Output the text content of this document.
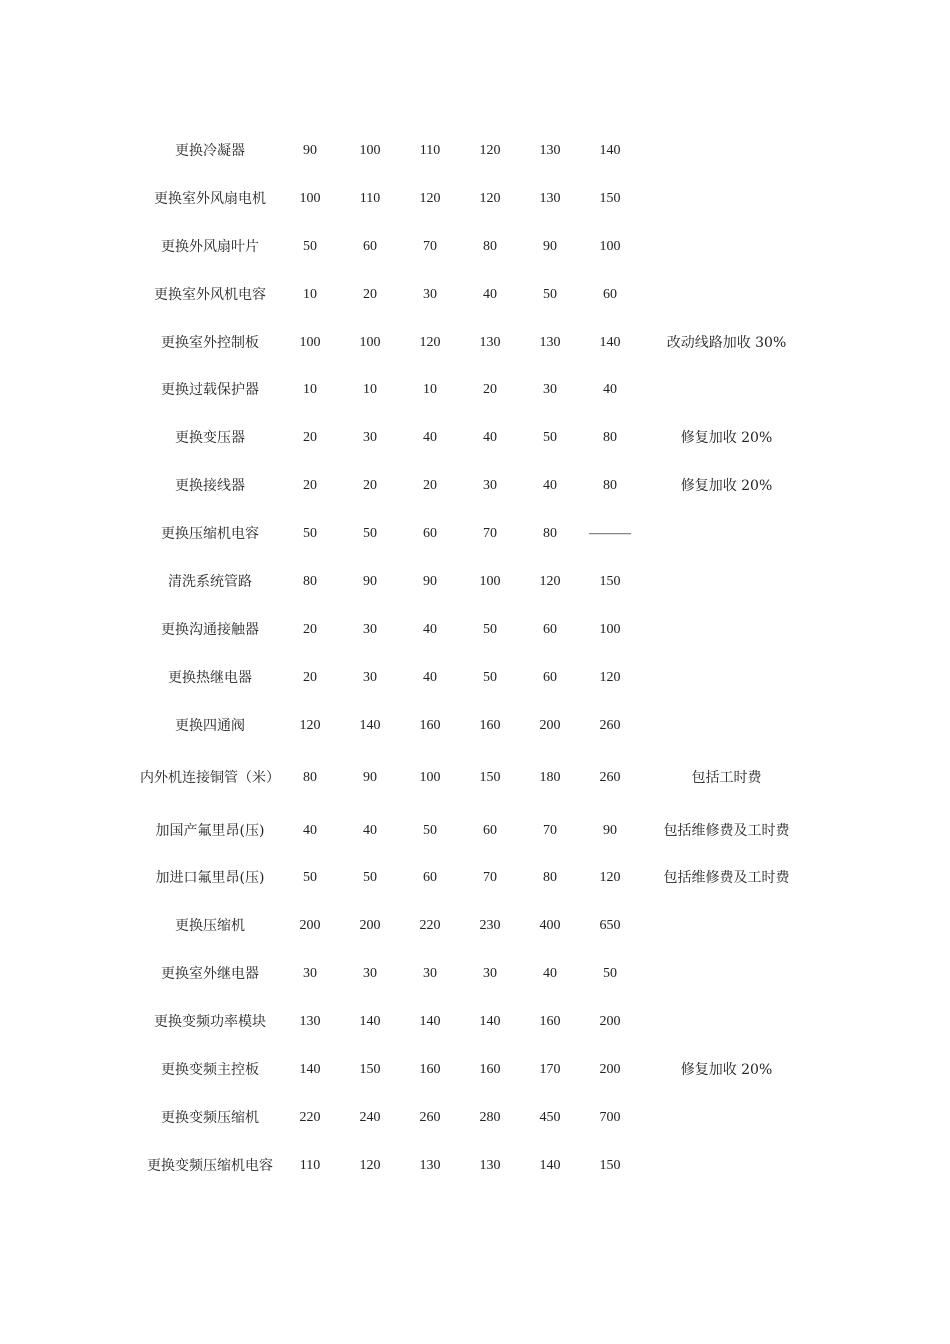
更换冷凝器	90	100	110	120	130	140	
更换室外风扇电机	100	110	120	120	130	150	
更换外风扇叶片	50	60	70	80	90	100	
更换室外风机电容	10	20	30	40	50	60	
更换室外控制板	100	100	120	130	130	140	改动线路加收 30%
更换过载保护器	10	10	10	20	30	40	
更换变压器	20	30	40	40	50	80	修复加收 20%
更换接线器	20	20	20	30	40	80	修复加收 20%
更换压缩机电容	50	50	60	70	80	———	
清洗系统管路	80	90	90	100	120	150	
更换沟通接触器	20	30	40	50	60	100	
更换热继电器	20	30	40	50	60	120	
更换四通阀	120	140	160	160	200	260	
内外机连接铜管（米）	80	90	100	150	180	260	包括工时费
加国产氟里昂(压)	40	40	50	60	70	90	包括维修费及工时费
加进口氟里昂(压)	50	50	60	70	80	120	包括维修费及工时费
更换压缩机	200	200	220	230	400	650	
更换室外继电器	30	30	30	30	40	50	
更换变频功率模块	130	140	140	140	160	200	
更换变频主控板	140	150	160	160	170	200	修复加收 20%
更换变频压缩机	220	240	260	280	450	700	
更换变频压缩机电容	110	120	130	130	140	150	
